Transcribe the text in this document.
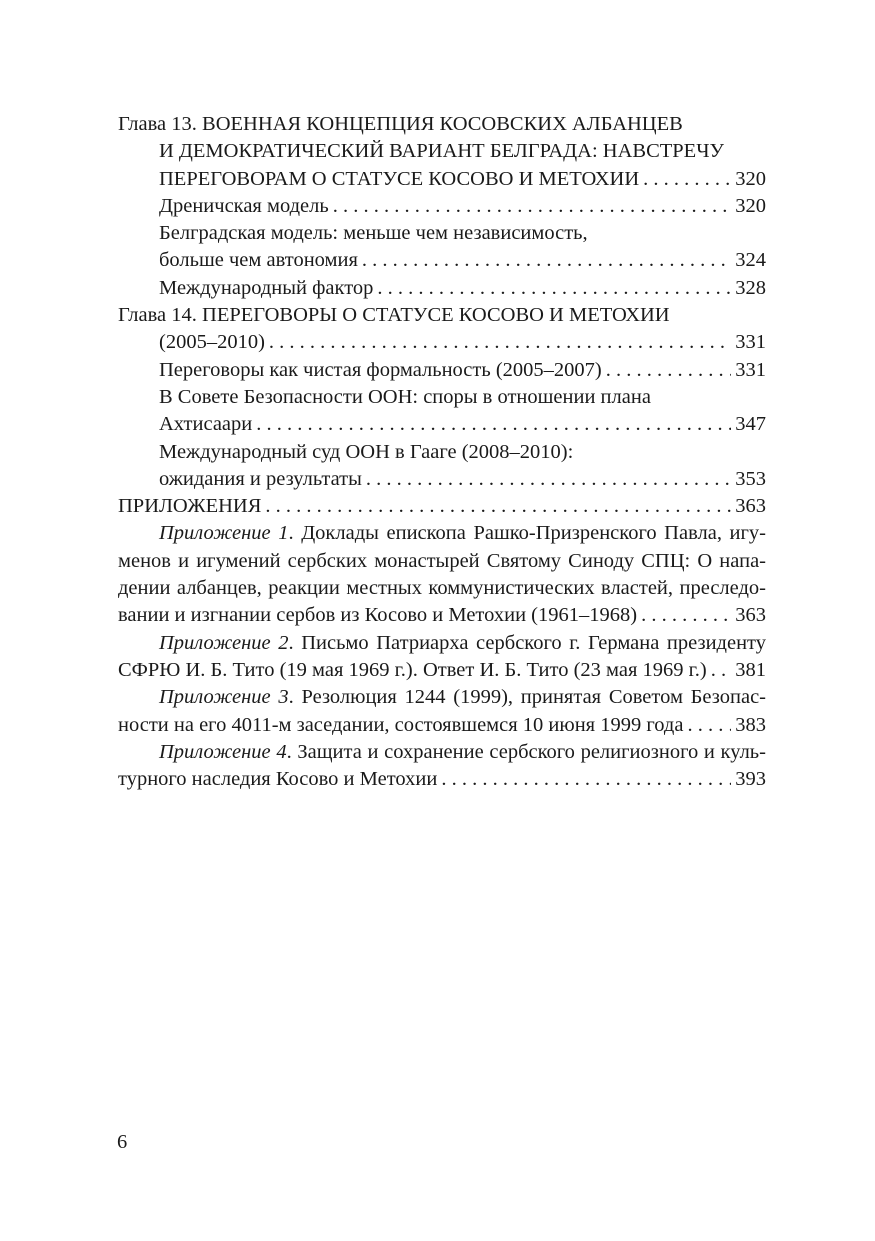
Глава 13. ВОЕННАЯ КОНЦЕПЦИЯ КОСОВСКИХ АЛБАНЦЕВ
И ДЕМОКРАТИЧЕСКИЙ ВАРИАНТ БЕЛГРАДА: НАВСТРЕЧУ
ПЕРЕГОВОРАМ О СТАТУСЕ КОСОВО И МЕТОХИИ . . .	320
Дреничская модель . . .	320
Белградская модель: меньше чем независимость,
больше чем автономия . . .	324
Международный фактор . . .	328
Глава 14. ПЕРЕГОВОРЫ О СТАТУСЕ КОСОВО И МЕТОХИИ
(2005–2010) . . .	331
Переговоры как чистая формальность (2005–2007) . . .	331
В Совете Безопасности ООН: споры в отношении плана
Ахтисаари . . .	347
Международный суд ООН в Гааге (2008–2010):
ожидания и результаты . . .	353
ПРИЛОЖЕНИЯ . . .	363
Приложение 1. Доклады епископа Рашко-Призренского Павла, игу-
менов и игумений сербских монастырей Святому Синоду СПЦ: О напа-
дении албанцев, реакции местных коммунистических властей, преследо-
вании и изгнании сербов из Косово и Метохии (1961–1968) . . .	363
Приложение 2. Письмо Патриарха сербского г. Германа президенту
СФРЮ И. Б. Тито (19 мая 1969 г.). Ответ И. Б. Тито (23 мая 1969 г.) . . . 381
Приложение 3. Резолюция 1244 (1999), принятая Советом Безопас-
ности на его 4011-м заседании, состоявшемся 10 июня 1999 года . . .	383
Приложение 4. Защита и сохранение сербского религиозного и куль-
турного наследия Косово и Метохии . . .	393
6
